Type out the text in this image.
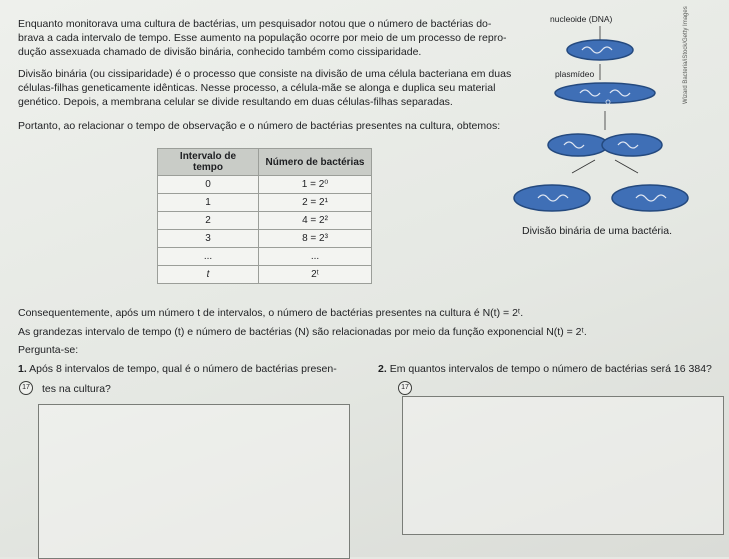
Enquanto monitorava uma cultura de bactérias, um pesquisador notou que o número de bactérias do-
brava a cada intervalo de tempo. Esse aumento na população ocorre por meio de um processo de repro-
dução assexuada chamado de divisão binária, conhecido também como cissiparidade.
Divisão binária (ou cissiparidade) é o processo que consiste na divisão de uma célula bacteriana em duas
células-filhas geneticamente idênticas. Nesse processo, a célula-mãe se alonga e duplica seu material
genético. Depois, a membrana celular se divide resultando em duas células-filhas separadas.
Portanto, ao relacionar o tempo de observação e o número de bactérias presentes na cultura, obtemos:
Intervalo de tempo	Número de bactérias
0	1 = 2⁰
1	2 = 2¹
2	4 = 2²
3	8 = 2³
...	...
t	2ᵗ
nucleoide (DNA)
plasmídeo
Divisão binária de uma bactéria.
Wizard Bacteria/iStock/Getty Images
Consequentemente, após um número t de intervalos, o número de bactérias presentes na cultura é N(t) = 2ᵗ.
As grandezas intervalo de tempo (t) e número de bactérias (N) são relacionadas por meio da função exponencial N(t) = 2ᵗ.
Pergunta-se:
1. Após 8 intervalos de tempo, qual é o número de bactérias presen-
17 tes na cultura?
2. Em quantos intervalos de tempo o número de bactérias será 16 384?
17
